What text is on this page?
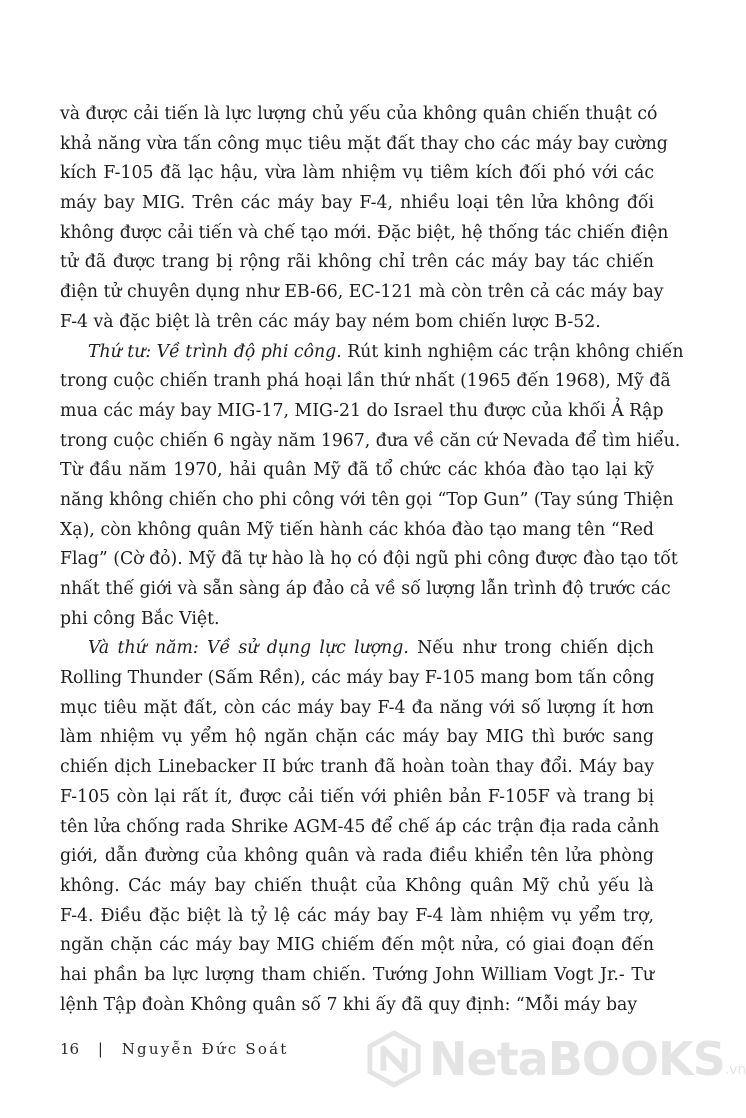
và được cải tiến là lực lượng chủ yếu của không quân chiến thuật có
khả năng vừa tấn công mục tiêu mặt đất thay cho các máy bay cường
kích F-105 đã lạc hậu, vừa làm nhiệm vụ tiêm kích đối phó với các
máy bay MIG. Trên các máy bay F-4, nhiều loại tên lửa không đối
không được cải tiến và chế tạo mới. Đặc biệt, hệ thống tác chiến điện
tử đã được trang bị rộng rãi không chỉ trên các máy bay tác chiến
điện tử chuyên dụng như EB-66, EC-121 mà còn trên cả các máy bay
F-4 và đặc biệt là trên các máy bay ném bom chiến lược B-52.
Thứ tư: Về trình độ phi công. Rút kinh nghiệm các trận không chiến
trong cuộc chiến tranh phá hoại lần thứ nhất (1965 đến 1968), Mỹ đã
mua các máy bay MIG-17, MIG-21 do Israel thu được của khối Ả Rập
trong cuộc chiến 6 ngày năm 1967, đưa về căn cứ Nevada để tìm hiểu.
Từ đầu năm 1970, hải quân Mỹ đã tổ chức các khóa đào tạo lại kỹ
năng không chiến cho phi công với tên gọi “Top Gun” (Tay súng Thiện
Xạ), còn không quân Mỹ tiến hành các khóa đào tạo mang tên “Red
Flag” (Cờ đỏ). Mỹ đã tự hào là họ có đội ngũ phi công được đào tạo tốt
nhất thế giới và sẵn sàng áp đảo cả về số lượng lẫn trình độ trước các
phi công Bắc Việt.
Và thứ năm: Về sử dụng lực lượng. Nếu như trong chiến dịch
Rolling Thunder (Sấm Rền), các máy bay F-105 mang bom tấn công
mục tiêu mặt đất, còn các máy bay F-4 đa năng với số lượng ít hơn
làm nhiệm vụ yểm hộ ngăn chặn các máy bay MIG thì bước sang
chiến dịch Linebacker II bức tranh đã hoàn toàn thay đổi. Máy bay
F-105 còn lại rất ít, được cải tiến với phiên bản F-105F và trang bị
tên lửa chống rada Shrike AGM-45 để chế áp các trận địa rada cảnh
giới, dẫn đường của không quân và rada điều khiển tên lửa phòng
không. Các máy bay chiến thuật của Không quân Mỹ chủ yếu là
F-4. Điều đặc biệt là tỷ lệ các máy bay F-4 làm nhiệm vụ yểm trợ,
ngăn chặn các máy bay MIG chiếm đến một nửa, có giai đoạn đến
hai phần ba lực lượng tham chiến. Tướng John William Vogt Jr.- Tư
lệnh Tập đoàn Không quân số 7 khi ấy đã quy định: “Mỗi máy bay
16 | Nguyễn Đức Soát	NetaBOOKS .vn
